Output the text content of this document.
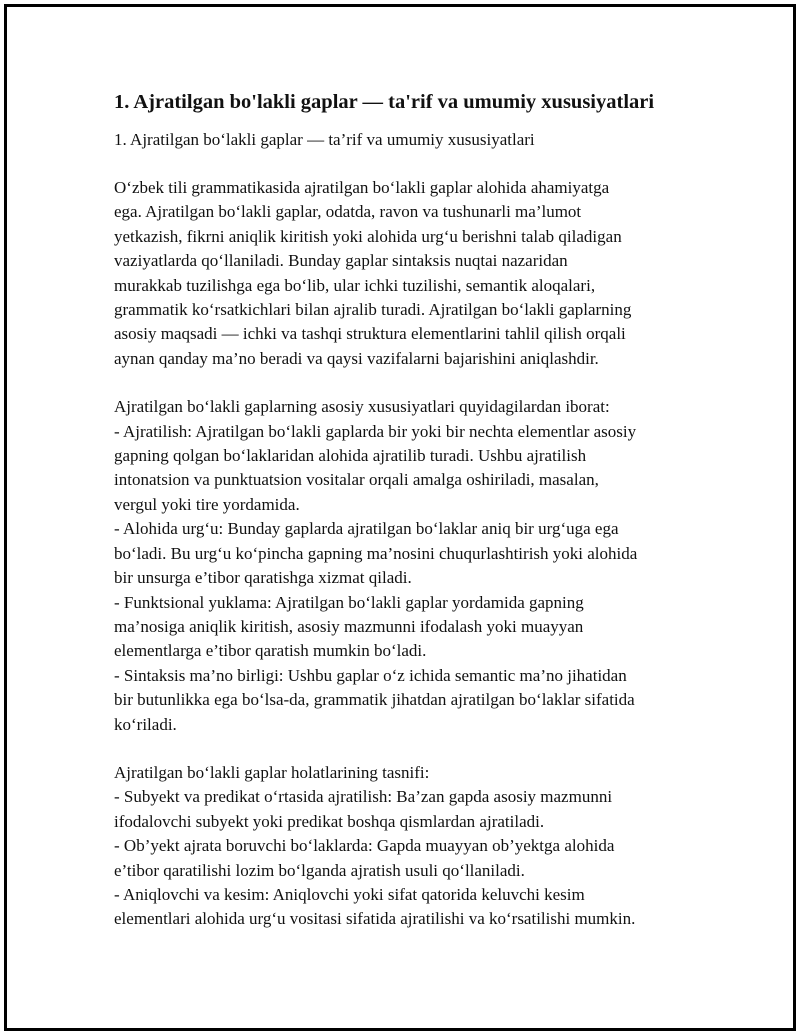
1. Ajratilgan bo'lakli gaplar — ta'rif va umumiy xususiyatlari

1. Ajratilgan bo‘lakli gaplar — ta’rif va umumiy xususiyatlari

O‘zbek tili grammatikasida ajratilgan bo‘lakli gaplar alohida ahamiyatga
ega. Ajratilgan bo‘lakli gaplar, odatda, ravon va tushunarli ma’lumot
yetkazish, fikrni aniqlik kiritish yoki alohida urg‘u berishni talab qiladigan
vaziyatlarda qo‘llaniladi. Bunday gaplar sintaksis nuqtai nazaridan
murakkab tuzilishga ega bo‘lib, ular ichki tuzilishi, semantik aloqalari,
grammatik ko‘rsatkichlari bilan ajralib turadi. Ajratilgan bo‘lakli gaplarning
asosiy maqsadi — ichki va tashqi struktura elementlarini tahlil qilish orqali
aynan qanday ma’no beradi va qaysi vazifalarni bajarishini aniqlashdir.

Ajratilgan bo‘lakli gaplarning asosiy xususiyatlari quyidagilardan iborat:
- Ajratilish: Ajratilgan bo‘lakli gaplarda bir yoki bir nechta elementlar asosiy
gapning qolgan bo‘laklaridan alohida ajratilib turadi. Ushbu ajratilish
intonatsion va punktuatsion vositalar orqali amalga oshiriladi, masalan,
vergul yoki tire yordamida.
- Alohida urg‘u: Bunday gaplarda ajratilgan bo‘laklar aniq bir urg‘uga ega
bo‘ladi. Bu urg‘u ko‘pincha gapning ma’nosini chuqurlashtirish yoki alohida
bir unsurga e’tibor qaratishga xizmat qiladi.
- Funktsional yuklama: Ajratilgan bo‘lakli gaplar yordamida gapning
ma’nosiga aniqlik kiritish, asosiy mazmunni ifodalash yoki muayyan
elementlarga e’tibor qaratish mumkin bo‘ladi.
- Sintaksis ma’no birligi: Ushbu gaplar o‘z ichida semantic ma’no jihatidan
bir butunlikka ega bo‘lsa-da, grammatik jihatdan ajratilgan bo‘laklar sifatida
ko‘riladi.

Ajratilgan bo‘lakli gaplar holatlarining tasnifi:
- Subyekt va predikat o‘rtasida ajratilish: Ba’zan gapda asosiy mazmunni
ifodalovchi subyekt yoki predikat boshqa qismlardan ajratiladi.
- Ob’yekt ajrata boruvchi bo‘laklarda: Gapda muayyan ob’yektga alohida
e’tibor qaratilishi lozim bo‘lganda ajratish usuli qo‘llaniladi.
- Aniqlovchi va kesim: Aniqlovchi yoki sifat qatorida keluvchi kesim
elementlari alohida urg‘u vositasi sifatida ajratilishi va ko‘rsatilishi mumkin.
